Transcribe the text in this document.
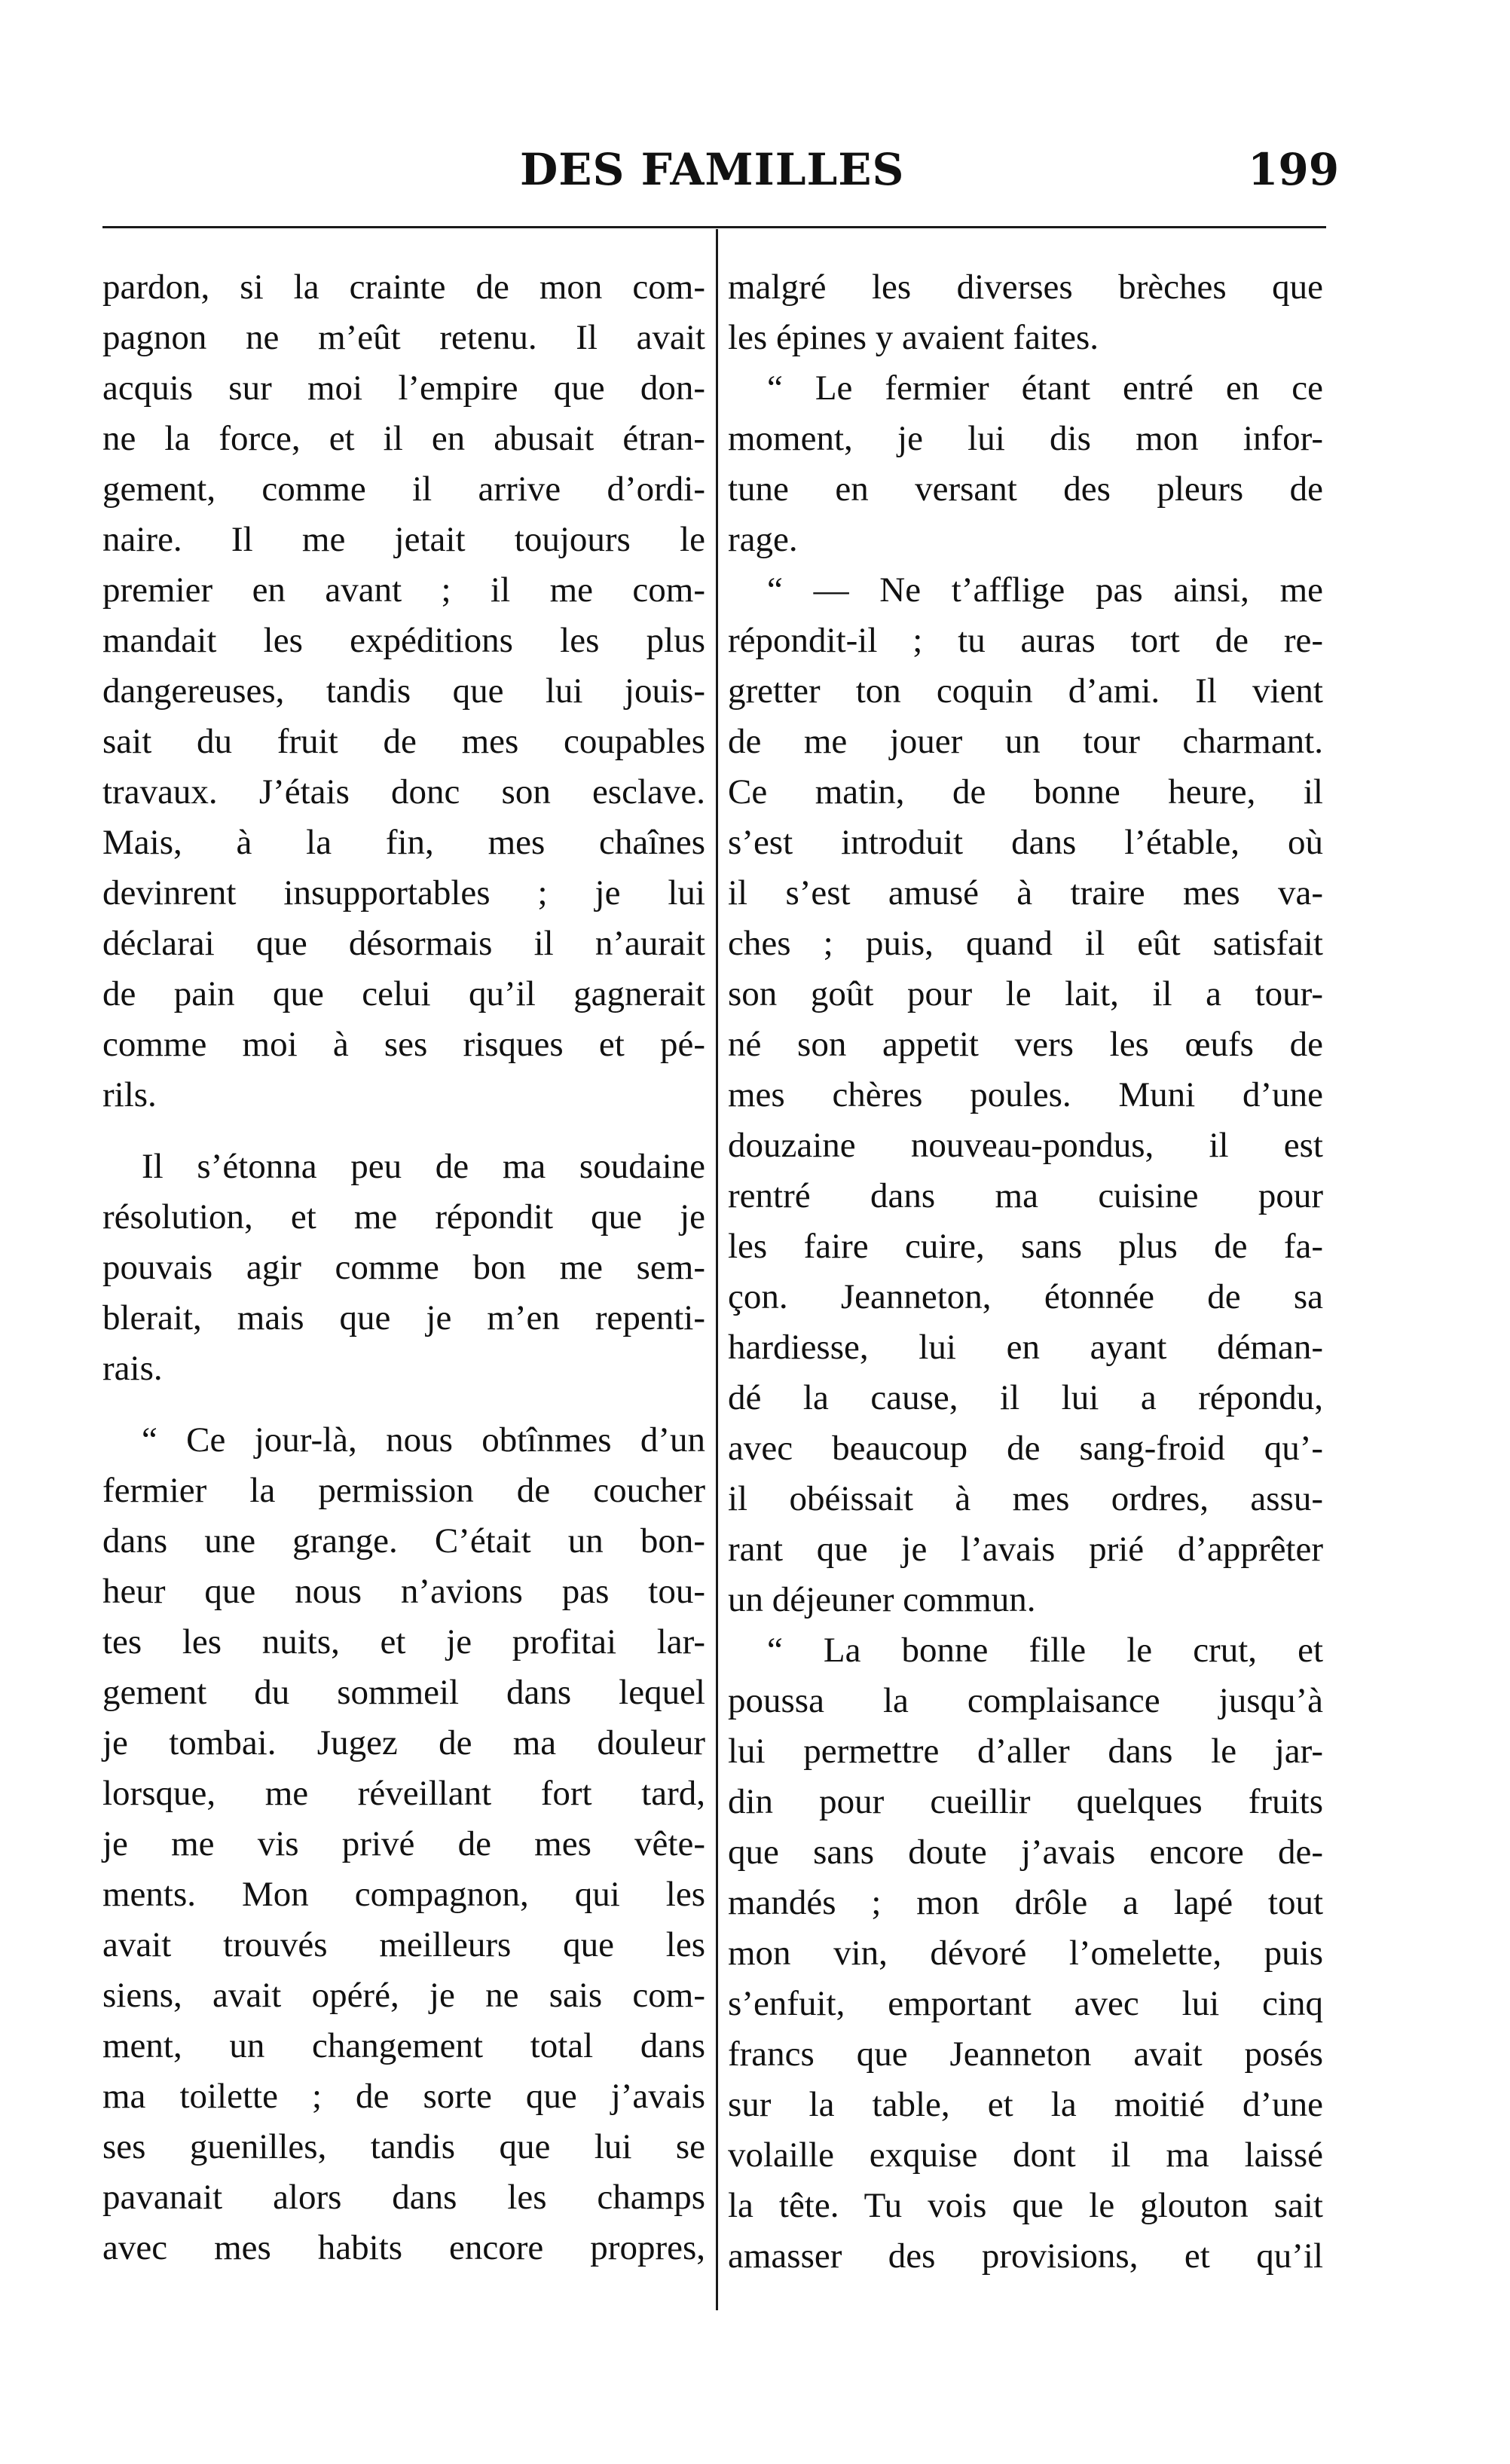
DES FAMILLES	199
pardon, si la crainte de mon com-
pagnon ne m’eût retenu. Il avait
acquis sur moi l’empire que don-
ne la force, et il en abusait étran-
gement, comme il arrive d’ordi-
naire. Il me jetait toujours le
premier en avant ; il me com-
mandait les expéditions les plus
dangereuses, tandis que lui jouis-
sait du fruit de mes coupables
travaux. J’étais donc son esclave.
Mais, à la fin, mes chaînes
devinrent insupportables ; je lui
déclarai que désormais il n’aurait
de pain que celui qu’il gagnerait
comme moi à ses risques et pé-
rils.
Il s’étonna peu de ma soudaine
résolution, et me répondit que je
pouvais agir comme bon me sem-
blerait, mais que je m’en repenti-
rais.
“ Ce jour-là, nous obtînmes d’un
fermier la permission de coucher
dans une grange. C’était un bon-
heur que nous n’avions pas tou-
tes les nuits, et je profitai lar-
gement du sommeil dans lequel
je tombai. Jugez de ma douleur
lorsque, me réveillant fort tard,
je me vis privé de mes vête-
ments. Mon compagnon, qui les
avait trouvés meilleurs que les
siens, avait opéré, je ne sais com-
ment, un changement total dans
ma toilette ; de sorte que j’avais
ses guenilles, tandis que lui se
pavanait alors dans les champs
avec mes habits encore propres,
malgré les diverses brèches que
les épines y avaient faites.
“ Le fermier étant entré en ce
moment, je lui dis mon infor-
tune en versant des pleurs de
rage.
“ — Ne t’afflige pas ainsi, me
répondit-il ; tu auras tort de re-
gretter ton coquin d’ami. Il vient
de me jouer un tour charmant.
Ce matin, de bonne heure, il
s’est introduit dans l’étable, où
il s’est amusé à traire mes va-
ches ; puis, quand il eût satisfait
son goût pour le lait, il a tour-
né son appetit vers les œufs de
mes chères poules. Muni d’une
douzaine nouveau-pondus, il est
rentré dans ma cuisine pour
les faire cuire, sans plus de fa-
çon. Jeanneton, étonnée de sa
hardiesse, lui en ayant déman-
dé la cause, il lui a répondu,
avec beaucoup de sang-froid qu’-
il obéissait à mes ordres, assu-
rant que je l’avais prié d’apprêter
un déjeuner commun.
“ La bonne fille le crut, et
poussa la complaisance jusqu’à
lui permettre d’aller dans le jar-
din pour cueillir quelques fruits
que sans doute j’avais encore de-
mandés ; mon drôle a lapé tout
mon vin, dévoré l’omelette, puis
s’enfuit, emportant avec lui cinq
francs que Jeanneton avait posés
sur la table, et la moitié d’une
volaille exquise dont il ma laissé
la tête. Tu vois que le glouton sait
amasser des provisions, et qu’il
